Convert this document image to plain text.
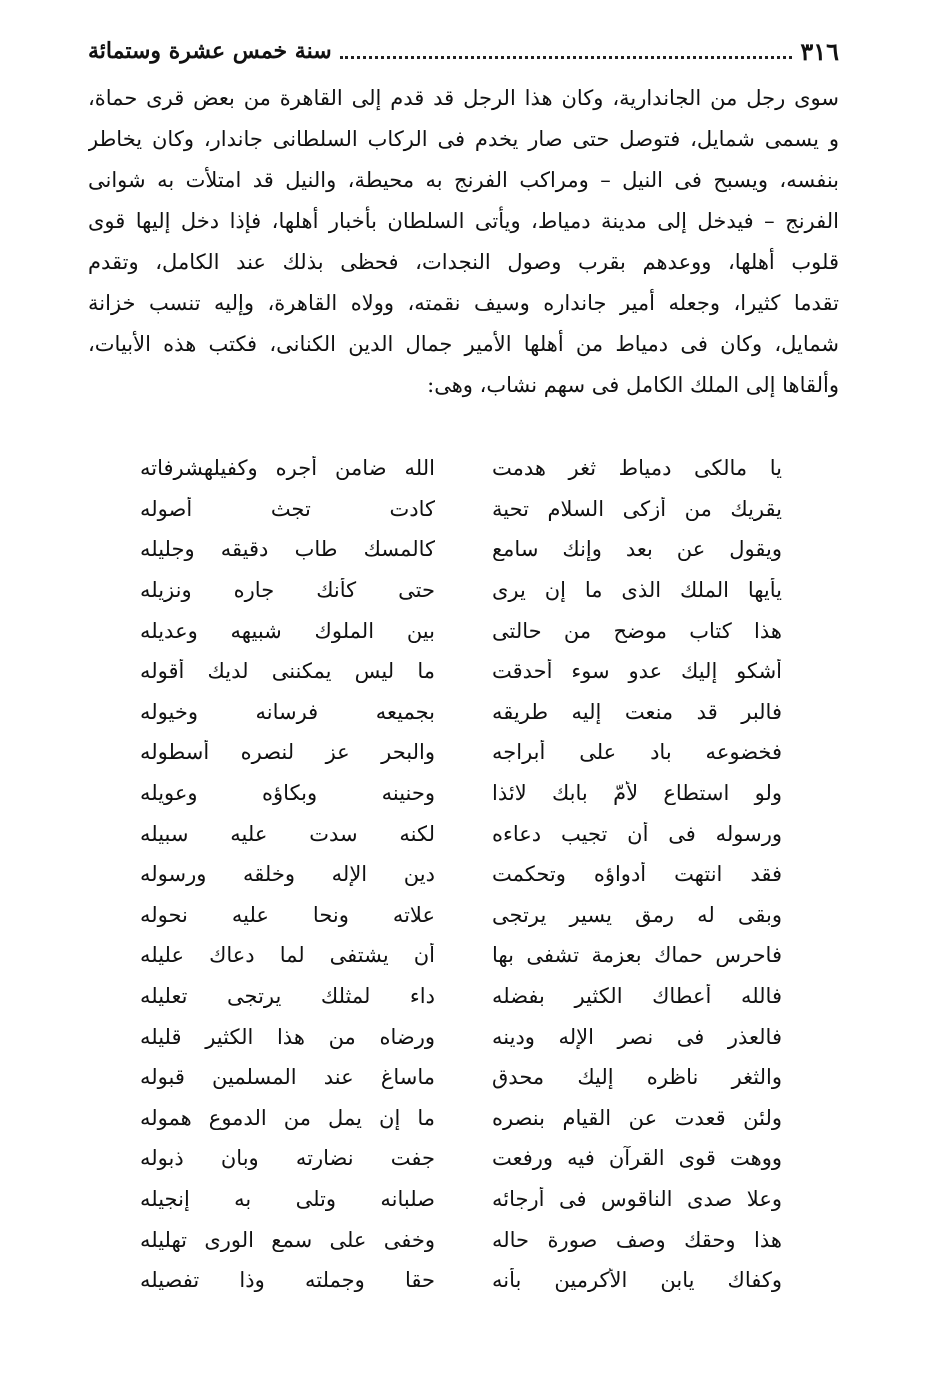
٣١٦
سنة خمس عشرة وستمائة
سوى رجل من الجاندارية، وكان هذا الرجل قد قدم إلى القاهرة من بعض قرى حماة،
و يسمى شمايل، فتوصل حتى صار يخدم فى الركاب السلطانى جاندار، وكان يخاطر
بنفسه، ويسبح فى النيل – ومراكب الفرنج به محيطة، والنيل قد امتلأت به شوانى
الفرنج – فيدخل إلى مدينة دمياط، ويأتى السلطان بأخبار أهلها، فإذا دخل إليها قوى
قلوب أهلها، ووعدهم بقرب وصول النجدات، فحظى بذلك عند الكامل، وتقدم
تقدما كثيرا، وجعله أمير جانداره وسيف نقمته، وولاه القاهرة، وإليه تنسب خزانة
شمايل، وكان فى دمياط من أهلها الأمير جمال الدين الكنانى، فكتب هذه الأبيات،
وألقاها إلى الملك الكامل فى سهم نشاب، وهى:
يا مالكى دمياط ثغر هدمت
الله ضامن أجره وكفيلهشرفاته
يقريك من أزكى السلام تحية
كادت تجث أصوله
ويقول عن بعد وإنك سامع
كالمسك طاب دقيقه وجليله
يأيها الملك الذى ما إن يرى
حتى كأنك جاره ونزيله
هذا كتاب موضح من حالتى
بين الملوك شبيهه وعديله
أشكو إليك عدو سوء أحدقت
ما ليس يمكننى لديك أقوله
فالبر قد منعت إليه طريقه
بجميعه فرسانه وخيوله
فخضوعه باد على أبراجه
والبحر عز لنصره أسطوله
ولو استطاع لأمّ بابك لائذا
وحنينه وبكاؤه وعويله
ورسوله فى أن تجيب دعاءه
لكنه سدت عليه سبيله
فقد انتهت أدواؤه وتحكمت
دين الإله وخلقه ورسوله
وبقى له رمق يسير يرتجى
علاته ونحا عليه نحوله
فاحرس حماك بعزمة تشفى بها
أن يشتفى لما دعاك عليله
فالله أعطاك الكثير بفضله
داء لمثلك يرتجى تعليله
فالعذر فى نصر الإله ودينه
ورضاه من هذا الكثير قليله
والثغر ناظره إليك محدق
ماساغ عند المسلمين قبوله
ولئن قعدت عن القيام بنصره
ما إن يمل من الدموع هموله
ووهت قوى القرآن فيه ورفعت
جفت نضارته وبان ذبوله
وعلا صدى الناقوس فى أرجائه
صلبانه وتلى به إنجيله
هذا وحقك وصف صورة حاله
وخفى على سمع الورى تهليله
وكفاك يابن الأكرمين بأنه
حقا وجملته وذا تفصيله
